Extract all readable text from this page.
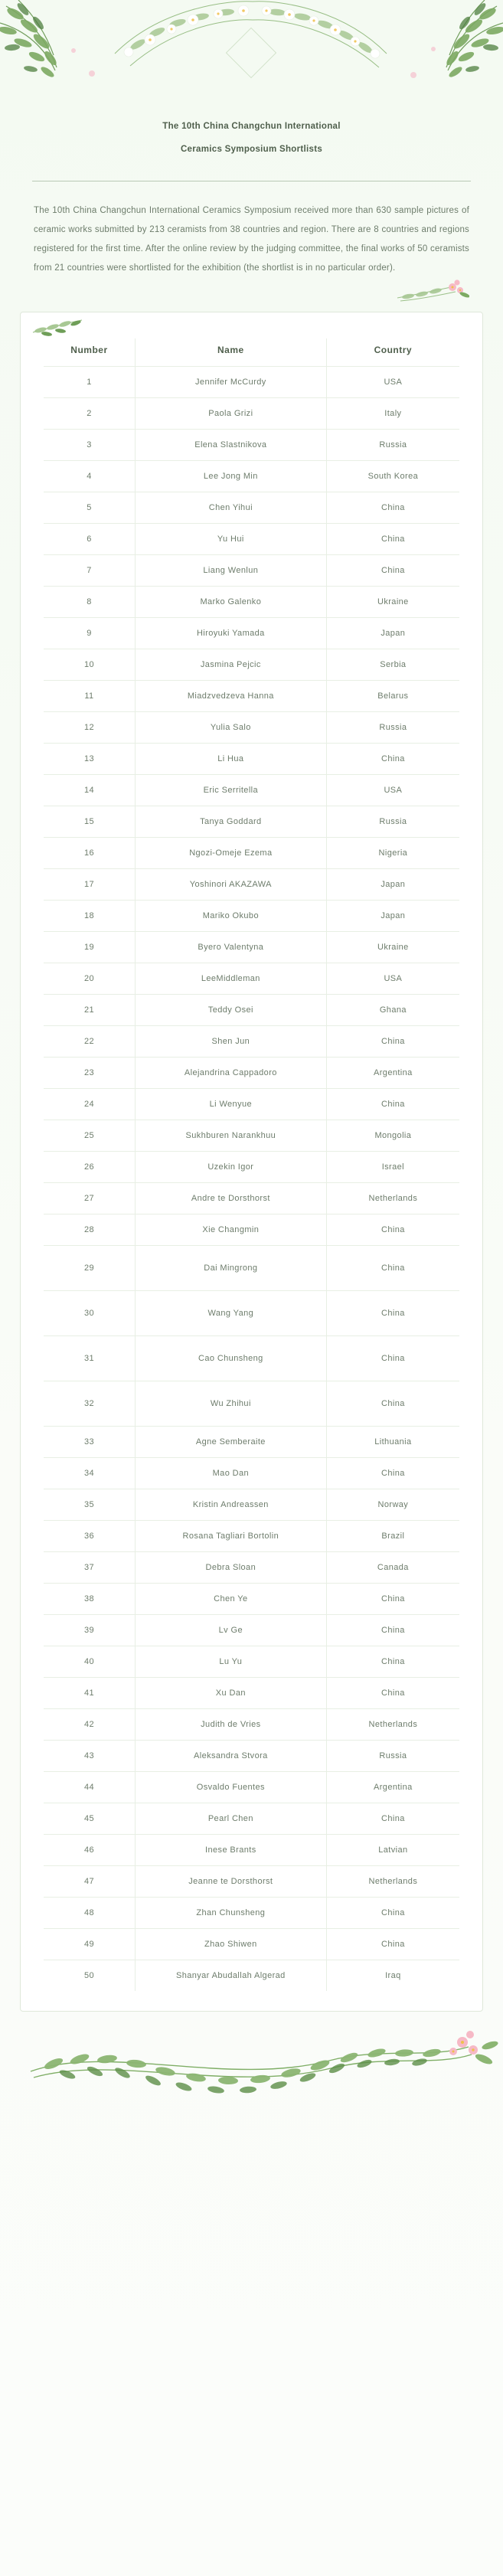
The 10th China Changchun International
Ceramics Symposium Shortlists

The 10th China Changchun International Ceramics Symposium received more than 630 sample pictures of ceramic works submitted by 213 ceramists from 38 countries and region. There are 8 countries and regions registered for the first time. After the online review by the judging committee, the final works of 50 ceramists from 21 countries were shortlisted for the exhibition (the shortlist is in no particular order).

Number	Name	Country
1	Jennifer McCurdy	USA
2	Paola Grizi	Italy
3	Elena Slastnikova	Russia
4	Lee Jong Min	South Korea
5	Chen Yihui	China
6	Yu Hui	China
7	Liang Wenlun	China
8	Marko Galenko	Ukraine
9	Hiroyuki Yamada	Japan
10	Jasmina Pejcic	Serbia
11	Miadzvedzeva Hanna	Belarus
12	Yulia Salo	Russia
13	Li Hua	China
14	Eric Serritella	USA
15	Tanya Goddard	Russia
16	Ngozi-Omeje Ezema	Nigeria
17	Yoshinori AKAZAWA	Japan
18	Mariko Okubo	Japan
19	Byero Valentyna	Ukraine
20	LeeMiddleman	USA
21	Teddy Osei	Ghana
22	Shen Jun	China
23	Alejandrina Cappadoro	Argentina
24	Li Wenyue	China
25	Sukhburen Narankhuu	Mongolia
26	Uzekin Igor	Israel
27	Andre te Dorsthorst	Netherlands
28	Xie Changmin	China
29	Dai Mingrong	China
30	Wang Yang	China
31	Cao Chunsheng	China
32	Wu Zhihui	China
33	Agne Semberaite	Lithuania
34	Mao Dan	China
35	Kristin Andreassen	Norway
36	Rosana Tagliari Bortolin	Brazil
37	Debra Sloan	Canada
38	Chen Ye	China
39	Lv Ge	China
40	Lu Yu	China
41	Xu Dan	China
42	Judith de Vries	Netherlands
43	Aleksandra Stvora	Russia
44	Osvaldo Fuentes	Argentina
45	Pearl Chen	China
46	Inese Brants	Latvian
47	Jeanne te Dorsthorst	Netherlands
48	Zhan Chunsheng	China
49	Zhao Shiwen	China
50	Shanyar Abudallah Algerad	Iraq
